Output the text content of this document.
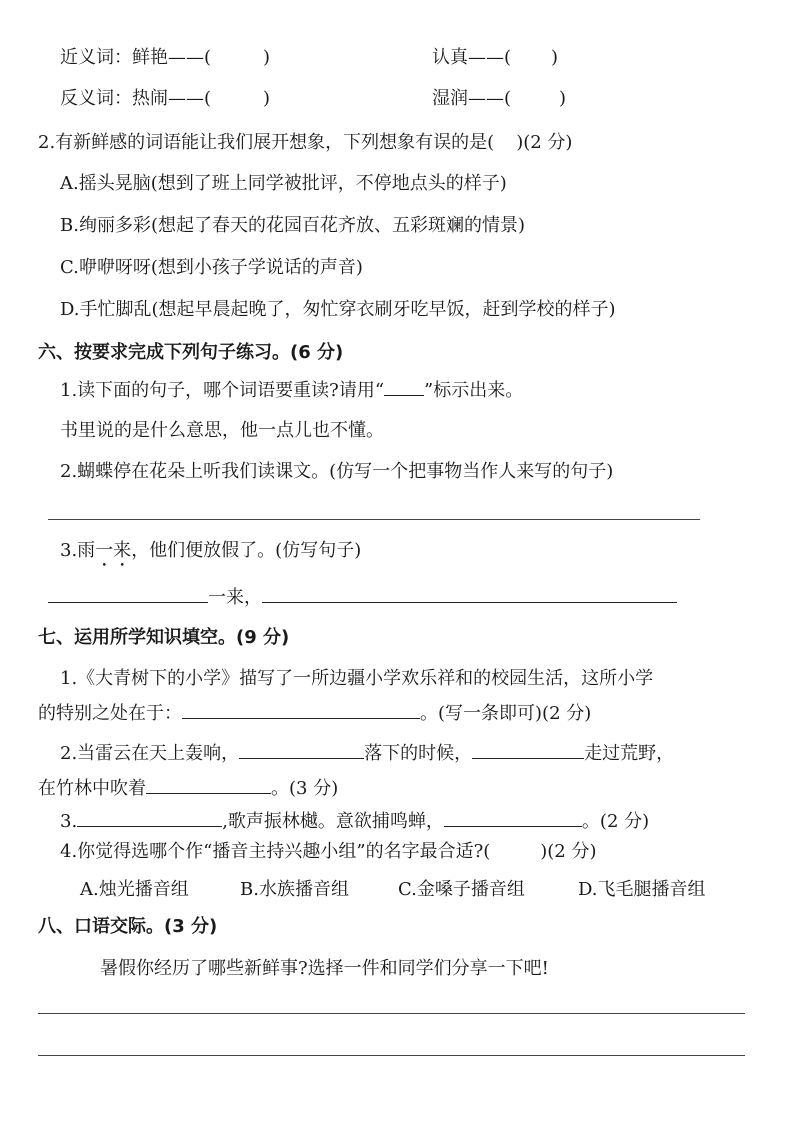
近义词：鲜艳——(	)	认真——( )
反义词：热闹——(	)	湿润——(	)
2.有新鲜感的词语能让我们展开想象，下列想象有误的是( )(2 分)
A.摇头晃脑(想到了班上同学被批评，不停地点头的样子)
B.绚丽多彩(想起了春天的花园百花齐放、五彩斑斓的情景)
C.咿咿呀呀(想到小孩子学说话的声音)
D.手忙脚乱(想起早晨起晚了，匆忙穿衣刷牙吃早饭，赶到学校的样子)
六、按要求完成下列句子练习。(6 分)
1.读下面的句子，哪个词语要重读?请用“ ”标示出来。
书里说的是什么意思，他一点儿也不懂。
2.蝴蝶停在花朵上听我们读课文。(仿写一个把事物当作人来写的句子)
3.雨一来，他们便放假了。(仿写句子)
一来，
七、运用所学知识填空。(9 分)
1.《大青树下的小学》描写了一所边疆小学欢乐祥和的校园生活，这所小学
的特别之处在于：	。(写一条即可)(2 分)
2.当雷云在天上轰响，	落下的时候，	走过荒野，
在竹林中吹着	。(3 分)
3.	,歌声振林樾。意欲捕鸣蝉，	。(2 分)
4.你觉得选哪个作“播音主持兴趣小组”的名字最合适?(	)(2 分)
A.烛光播音组	B.水族播音组	C.金嗓子播音组	D.飞毛腿播音组
八、口语交际。(3 分)
暑假你经历了哪些新鲜事?选择一件和同学们分享一下吧!
